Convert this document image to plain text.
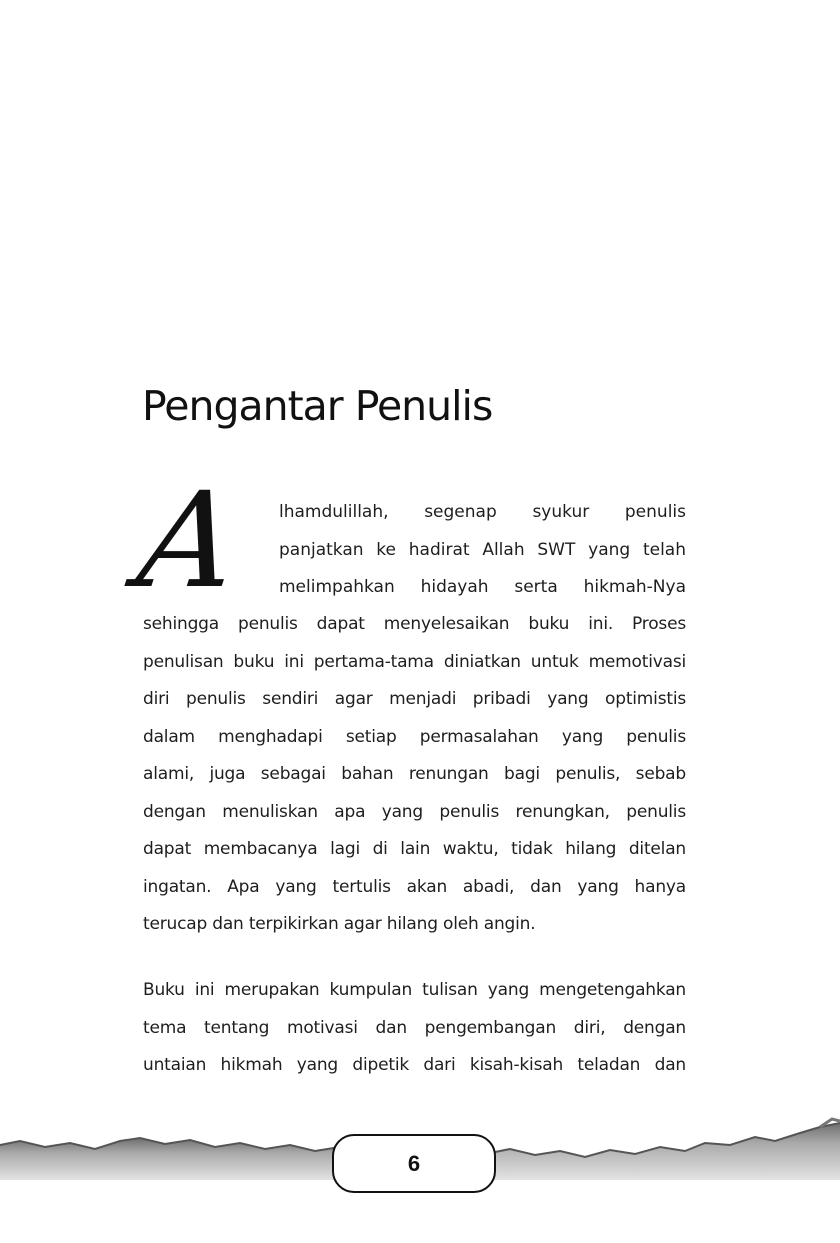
Pengantar Penulis
A	lhamdulillah, segenap syukur penulis
panjatkan ke hadirat Allah SWT yang telah
melimpahkan hidayah serta hikmah-Nya
sehingga penulis dapat menyelesaikan buku ini. Proses
penulisan buku ini pertama-tama diniatkan untuk memotivasi
diri penulis sendiri agar menjadi pribadi yang optimistis
dalam menghadapi setiap permasalahan yang penulis
alami, juga sebagai bahan renungan bagi penulis, sebab
dengan menuliskan apa yang penulis renungkan, penulis
dapat membacanya lagi di lain waktu, tidak hilang ditelan
ingatan. Apa yang tertulis akan abadi, dan yang hanya
terucap dan terpikirkan agar hilang oleh angin.
Buku ini merupakan kumpulan tulisan yang mengetengahkan
tema tentang motivasi dan pengembangan diri, dengan
untaian hikmah yang dipetik dari kisah-kisah teladan dan
6
